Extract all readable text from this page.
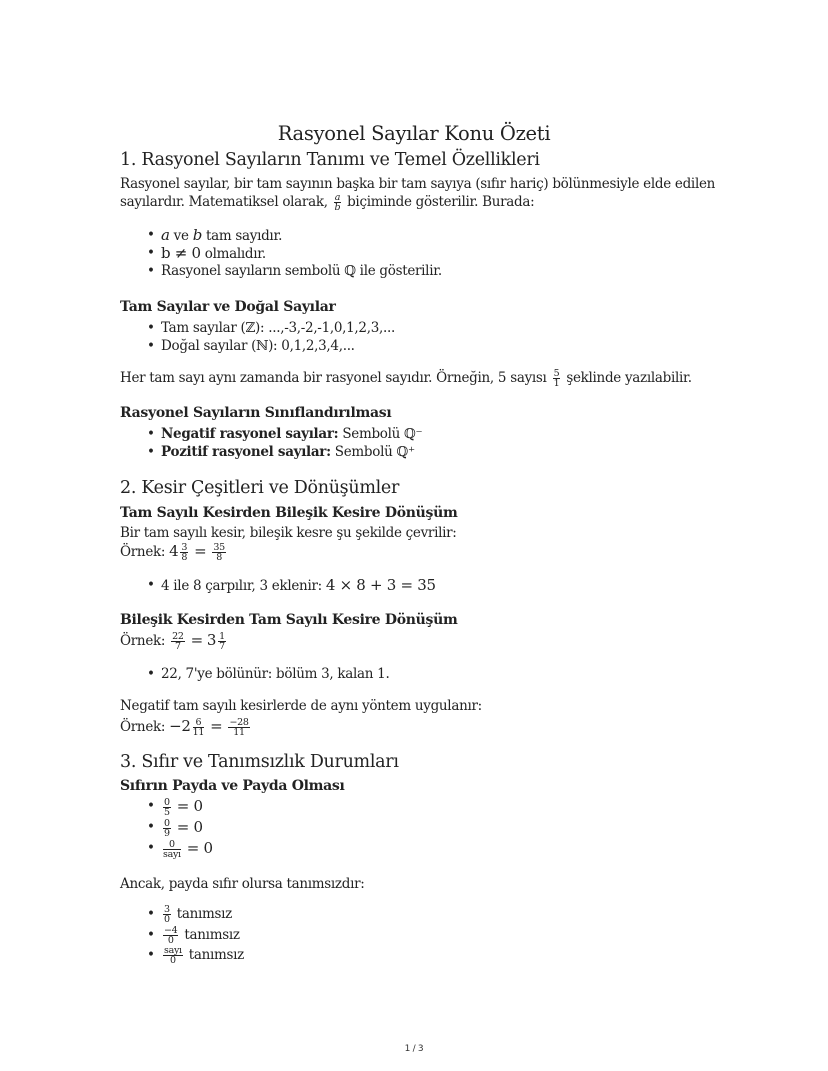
Rasyonel Sayılar Konu Özeti
1. Rasyonel Sayıların Tanımı ve Temel Özellikleri
Rasyonel sayılar, bir tam sayının başka bir tam sayıya (sıfır hariç) bölünmesiyle elde edilen
sayılardır. Matematiksel olarak, $\frac{a}{b}$ biçiminde gösterilir. Burada:
• a ve b tam sayıdır.
• b ≠ 0 olmalıdır.
• Rasyonel sayıların sembolü ℚ ile gösterilir.
Tam Sayılar ve Doğal Sayılar
• Tam sayılar (ℤ): ...,-3,-2,-1,0,1,2,3,...
• Doğal sayılar (ℕ): 0,1,2,3,4,...
Her tam sayı aynı zamanda bir rasyonel sayıdır. Örneğin, 5 sayısı $\frac{5}{1}$ şeklinde yazılabilir.
Rasyonel Sayıların Sınıflandırılması
• Negatif rasyonel sayılar: Sembolü ℚ⁻
• Pozitif rasyonel sayılar: Sembolü ℚ⁺
2. Kesir Çeşitleri ve Dönüşümler
Tam Sayılı Kesirden Bileşik Kesire Dönüşüm
Bir tam sayılı kesir, bileşik kesre şu şekilde çevrilir:
Örnek: $4 \frac{3}{8} = \frac{35}{8}$
• 4 ile 8 çarpılır, 3 eklenir: 4 × 8 + 3 = 35
Bileşik Kesirden Tam Sayılı Kesire Dönüşüm
Örnek: $\frac{22}{7} = 3 \frac{1}{7}$
• 22, 7'ye bölünür: bölüm 3, kalan 1.
Negatif tam sayılı kesirlerde de aynı yöntem uygulanır:
Örnek: $-2 \frac{6}{11} = \frac{-28}{11}$
3. Sıfır ve Tanımsızlık Durumları
Sıfırın Payda ve Payda Olması
• $\frac{0}{5} = 0$
• $\frac{0}{9} = 0$
• $\frac{0}{\text{sayı}} = 0$
Ancak, payda sıfır olursa tanımsızdır:
• $\frac{3}{0}$ tanımsız
• $\frac{-4}{0}$ tanımsız
• $\frac{\text{sayı}}{0}$ tanımsız
1 / 3
